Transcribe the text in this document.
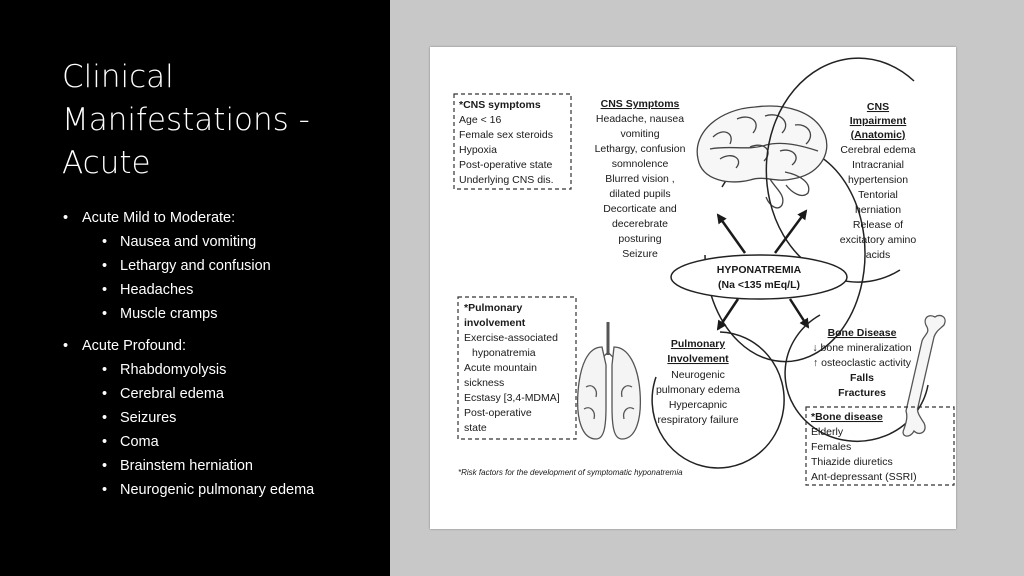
Clinical
Manifestations -
Acute
• Acute Mild to Moderate:
• Nausea and vomiting
• Lethargy and confusion
• Headaches
• Muscle cramps
• Acute Profound:
• Rhabdomyolysis
• Cerebral edema
• Seizures
• Coma
• Brainstem herniation
• Neurogenic pulmonary edema
*CNS symptoms
Age < 16
Female sex steroids
Hypoxia
Post-operative state
Underlying CNS dis.
CNS Symptoms
Headache, nausea
vomiting
Lethargy, confusion
somnolence
Blurred vision ,
dilated pupils
Decorticate and
decerebrate
posturing
Seizure
CNS
Impairment
(Anatomic)
Cerebral edema
Intracranial
hypertension
Tentorial
herniation
Release of
excitatory amino
acids
HYPONATREMIA
(Na <135 mEq/L)
*Pulmonary
involvement
Exercise-associated
hyponatremia
Acute mountain
sickness
Ecstasy [3,4-MDMA]
Post-operative
state
Pulmonary
Involvement
Neurogenic
pulmonary edema
Hypercapnic
respiratory failure
Bone Disease
↓ bone mineralization
↑ osteoclastic activity
Falls
Fractures
*Bone disease
Elderly
Females
Thiazide diuretics
Ant-depressant (SSRI)
*Risk factors for the development of symptomatic hyponatremia
